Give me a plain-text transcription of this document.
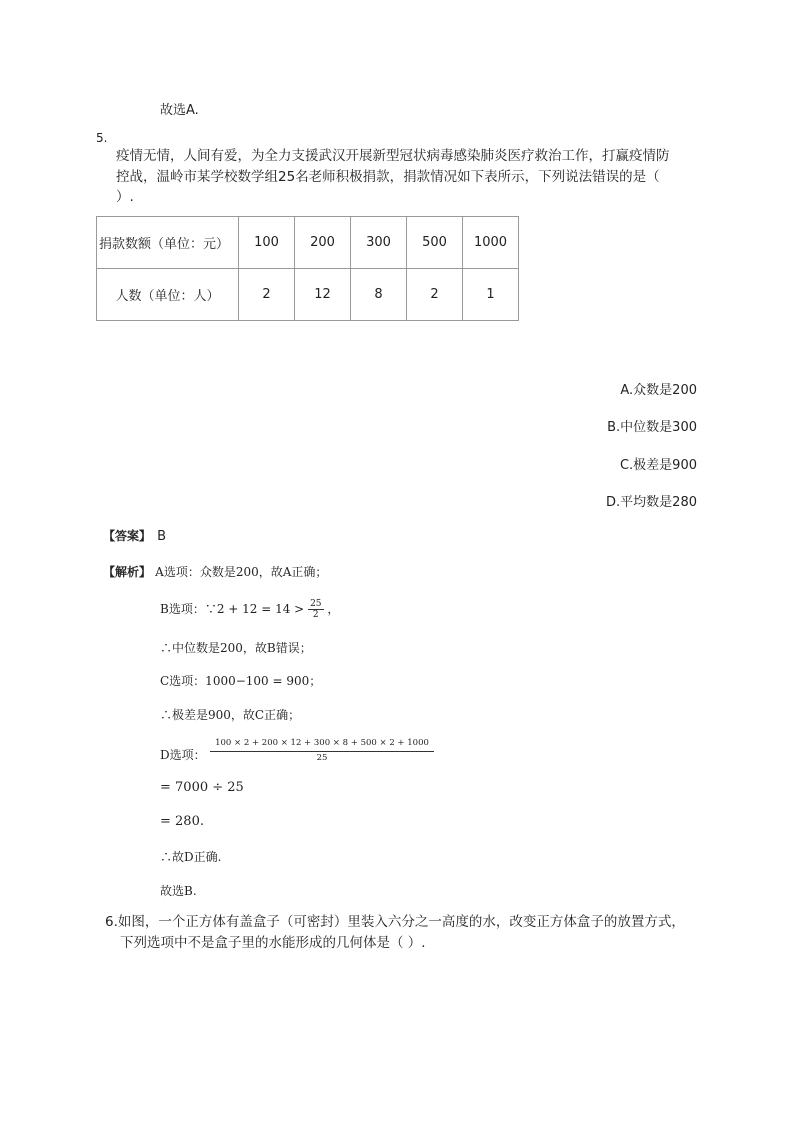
故选A.
5.
疫情无情，人间有爱，为全力支援武汉开展新型冠状病毒感染肺炎医疗救治工作，打赢疫情防
控战，温岭市某学校数学组25名老师积极捐款，捐款情况如下表所示，下列说法错误的是（
）.
捐款数额（单位：元）	100	200	300	500	1000
人数（单位：人）	2	12	8	2	1
A.众数是200
B.中位数是300
C.极差是900
D.平均数是280
【答案】 B
【解析】 A选项：众数是200，故A正确；
B选项：∵2 + $12 = 14 > \frac{25}{2}$ ，
∴中位数是200，故B错误；
C选项：1000−100 = 900；
∴极差是900，故C正确；
D选项： $\frac{100 \times 2 + 200 \times 12 + 300 \times 8 + 500 \times 2 + 1000}{25}$
= 7000 ÷ 25
= 280.
∴故D正确.
故选B.
6.如图，一个正方体有盖盒子（可密封）里装入六分之一高度的水，改变正方体盒子的放置方式，
下列选项中不是盒子里的水能形成的几何体是（ ）.
